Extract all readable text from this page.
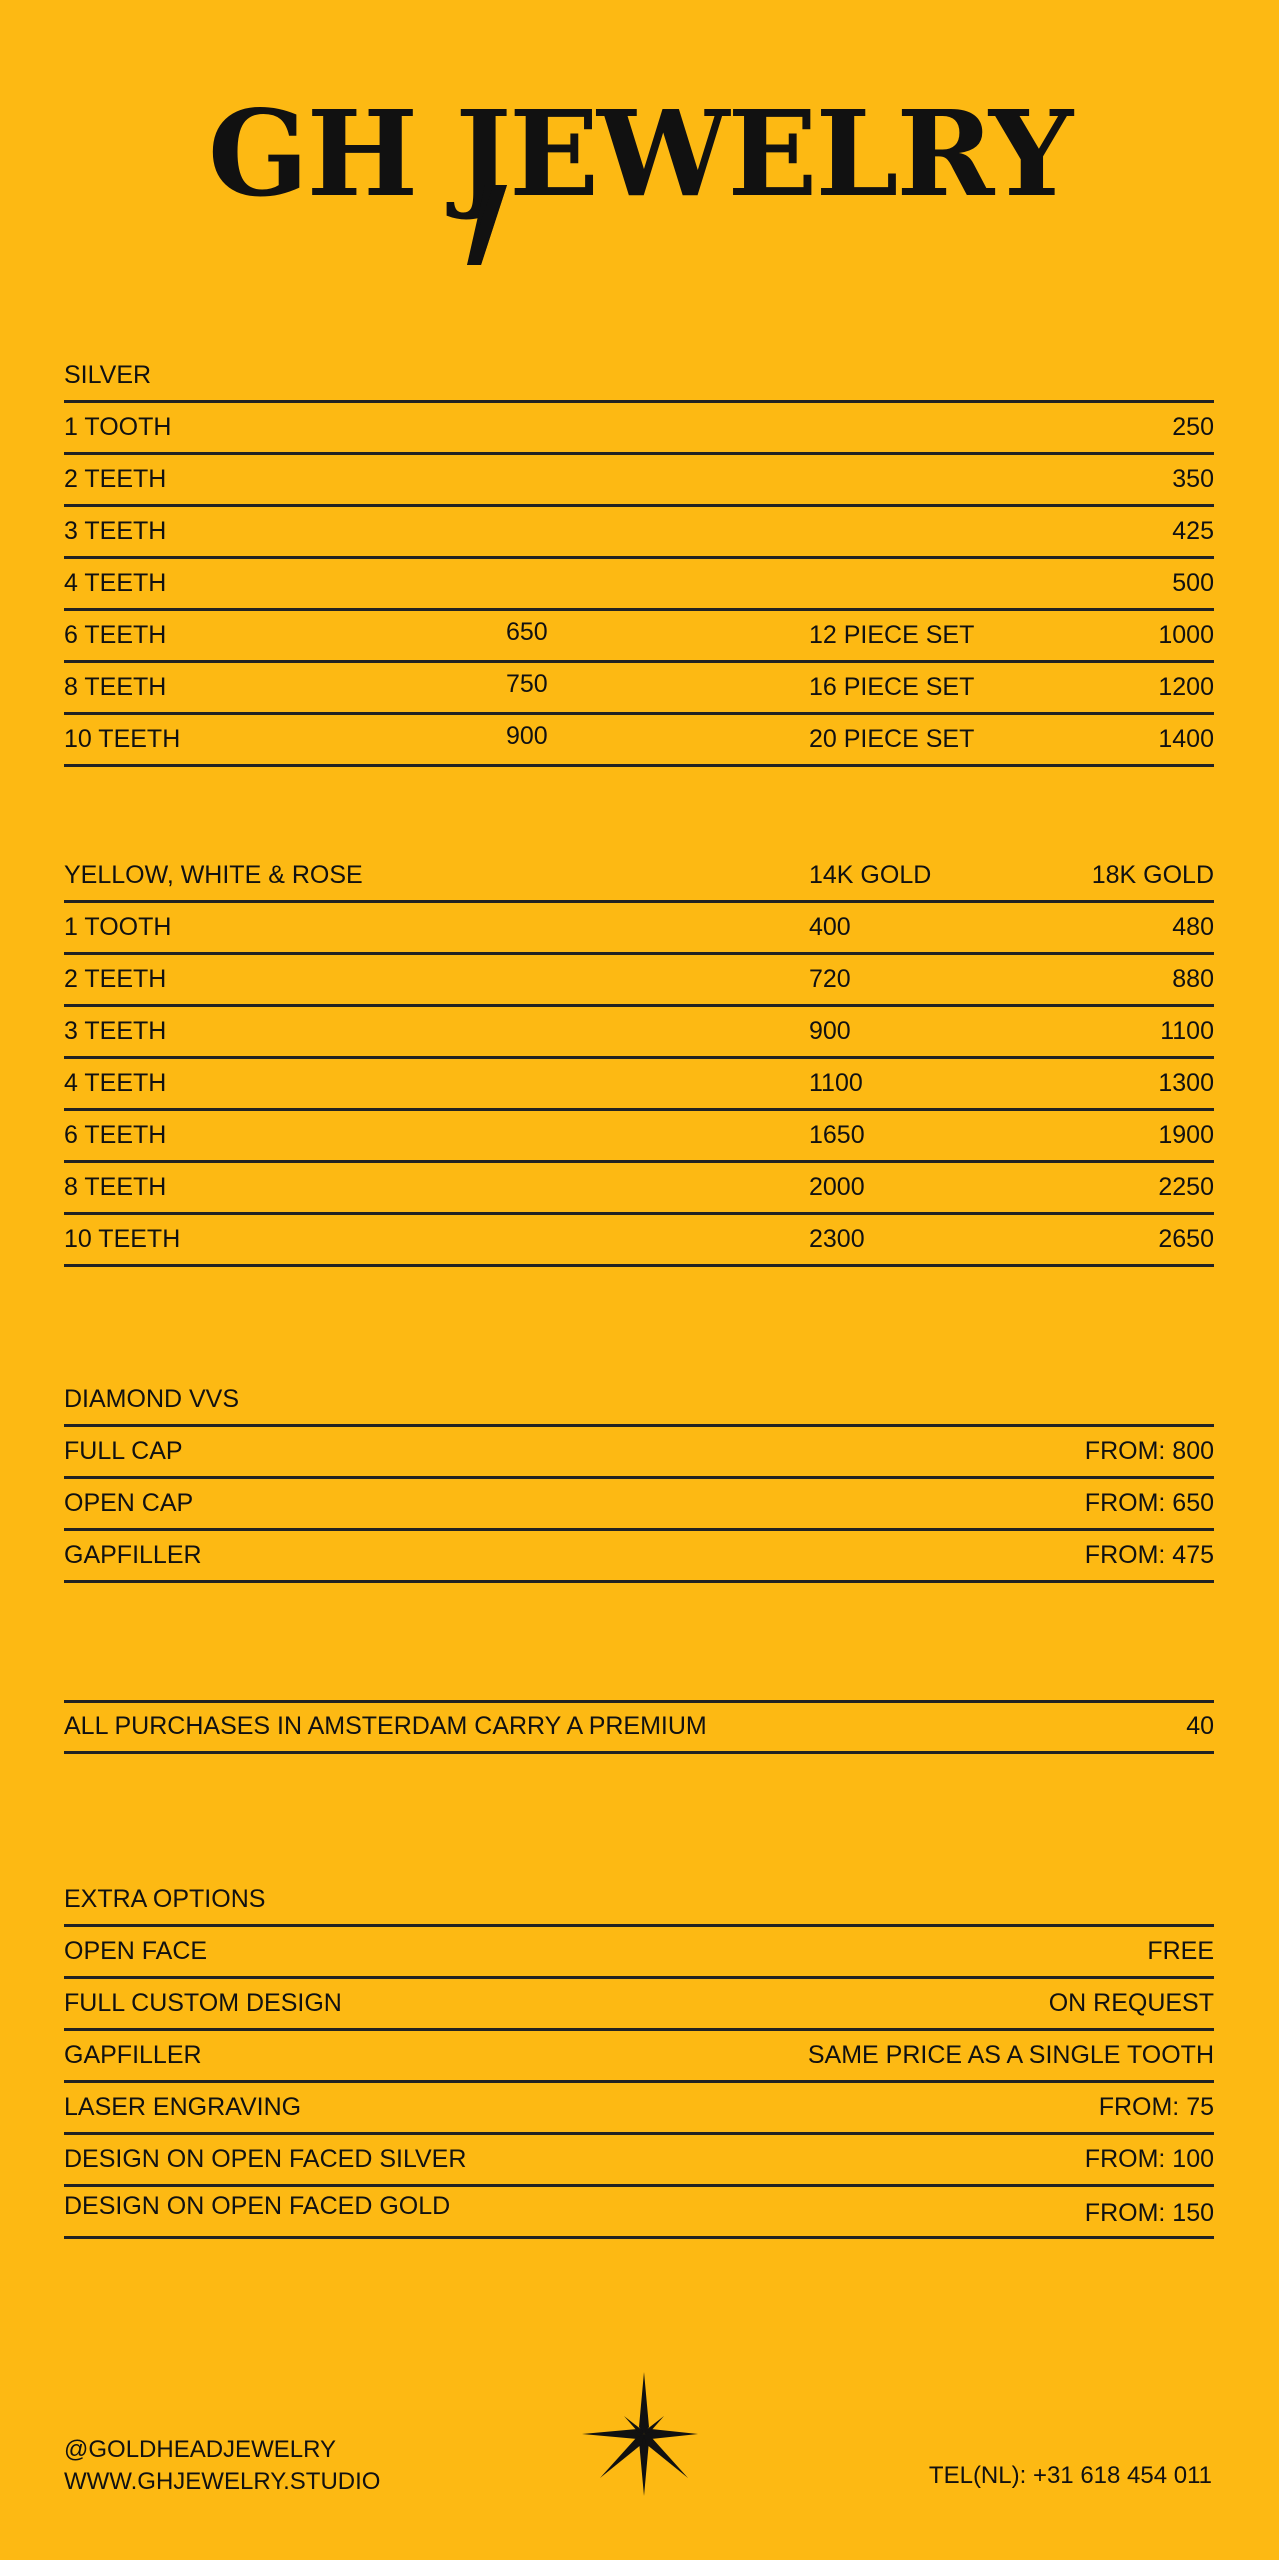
GH JEWELRY
SILVER
1 TOOTH	250
2 TEETH	350
3 TEETH	425
4 TEETH	500
6 TEETH	650	12 PIECE SET	1000
8 TEETH	750	16 PIECE SET	1200
10 TEETH	900	20 PIECE SET	1400
YELLOW, WHITE & ROSE	14K GOLD	18K GOLD
1 TOOTH	400	480
2 TEETH	720	880
3 TEETH	900	1100
4 TEETH	1100	1300
6 TEETH	1650	1900
8 TEETH	2000	2250
10 TEETH	2300	2650
DIAMOND VVS
FULL CAP	FROM: 800
OPEN CAP	FROM: 650
GAPFILLER	FROM: 475
ALL PURCHASES IN AMSTERDAM CARRY A PREMIUM	40
EXTRA OPTIONS
OPEN FACE	FREE
FULL CUSTOM DESIGN	ON REQUEST
GAPFILLER	SAME PRICE AS A SINGLE TOOTH
LASER ENGRAVING	FROM: 75
DESIGN ON OPEN FACED SILVER	FROM: 100
DESIGN ON OPEN FACED GOLD	FROM: 150
@GOLDHEADJEWELRY
WWW.GHJEWELRY.STUDIO	TEL(NL): +31 618 454 011
